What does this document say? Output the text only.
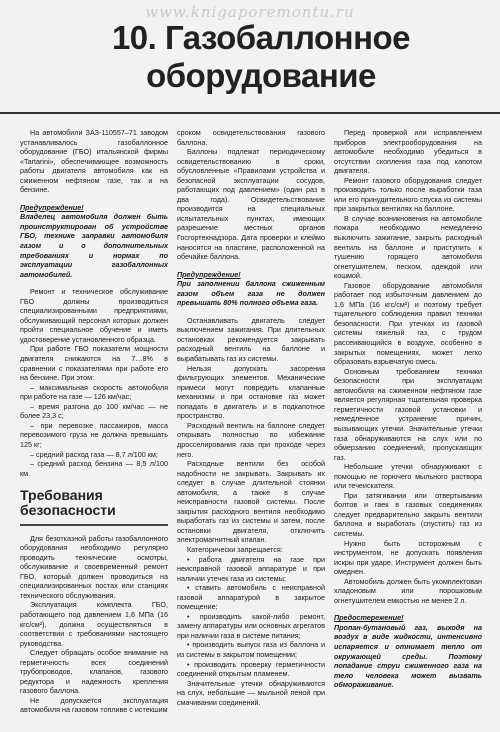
www.knigaporemontu.ru
10. Газобаллонное
оборудование

На автомобили ЗАЗ-110557–71 заводом устанавливалось газобаллонное оборудование (ГБО) итальянской фирмы «Tartarini», обеспечивающее возможность работы двигателя автомобиля как на сжиженном нефтяном газе, так и на бензине.

Предупреждение!

Владелец автомобиля должен быть проинструктирован об устройстве ГБО, технике заправки автомобиля газом и о дополнительных требованиях и нормах по эксплуатации газобаллонных автомобилей.

Ремонт и техническое обслуживание ГБО должны производиться специализированными предприятиями, обслуживающий персонал которых должен пройти специальное обучение и иметь удостоверение установленного образца.

При работе ГБО показатели мощности двигателя снижаются на 7…8% в сравнении с показателями при работе его на бензине. При этом:

– максимальная скорость автомобиля при работе на газе — 126 км/час;

– время разгона до 100 км/час — не более 23,3 с;

– при перевозке пассажиров, масса перевозимого груза не должна превышать 125 кг;

– средний расход газа — 8,7 л/100 км;

– средний расход бензина — 8,5 л/100 км.

Требования
безопасности

Для безотказной работы газобаллонного оборудования необходимо регулярно проводить технические осмотры, обслуживание и своевременный ремонт ГБО, который должен проводиться на специализированных постах или станциях технического обслуживания.

Эксплуатация комплекта ГБО, работающего под давлением 1,6 МПа (16 кгс/см²), должна осуществляться в соответствии с требованиями настоящего руководства.

Следует обращать особое внимание на герметичность всех соединений трубопроводов, клапанов, газового редуктора и надежность крепления газового баллона.

Не допускается эксплуатация автомобиля на газовом топливе с истекшим

сроком освидетельствования газового баллона.

Баллоны подлежат периодическому освидетельствованию в сроки, обусловленные «Правилами устройства и безопасной эксплуатации сосудов, работающих под давлением» (один раз в два года). Освидетельствование производится на специальных испытательных пунктах, имеющих разрешение местных органов Госгортехнадзора. Дата проверки и клеймо наносятся на пластине, расположенной на обечайке баллона.

Предупреждение!

При заполнении баллона сжиженным газом объем газа не должен превышать 80% полного объема газа.

Останавливать двигатель следует выключением зажигания. При длительных остановках рекомендуется закрывать расходный вентиль на баллоне и вырабатывать газ из системы.

Нельзя допускать засорения фильтрующих элементов. Механические примеси могут повредить клапанные механизмы и при остановке газ может попадать в двигатель и в подкапотное пространство.

Расходный вентиль на баллоне следует открывать полностью во избежание дросселирования газа при проходе через него.

Расходные вентили без особой надобности не закрывать. Закрывать их следует в случае длительной стоянки автомобиля, а также в случае неисправности газовой системы. После закрытия расходного вентиля необходимо выработать газ из системы и затем, после остановки двигателя, отключить электромагнитный клапан.

Категорически запрещается:

• работа двигателя на газе при неисправной газовой аппаратуре и при наличии утечек газа из системы;

• ставить автомобиль с неисправной газовой аппаратурой в закрытое помещение;

• производить какой-либо ремонт, замену аппаратуры или основных агрегатов при наличии газа в системе питания;

• производить выпуск газа из баллона и из системы в закрытом помещении;

• производить проверку герметичности соединений открытым пламенем.

Значительные утечки обнаруживаются на слух, небольшие — мыльной пеной при смачивании соединений.

Перед проверкой или исправлением приборов электрооборудования на автомобиле необходимо убедиться в отсутствии скопления газа под капотом двигателя.

Ремонт газового оборудования следует производить только после выработки газа или его принудительного спуска из системы при закрытых вентилях на баллоне.

В случае возникновения на автомобиле пожара необходимо немедленно выключить зажигание, закрыть расходный вентиль на баллоне и приступить к тушению горящего автомобиля огнетушителем, песком, одеждой или кошмой.

Газовое оборудование автомобиля работает под избыточным давлением до 1,6 МПа (16 кгс/см²) и поэтому требует тщательного соблюдения правил техники безопасности. При утечках из газовой системы тяжелый газ, с трудом рассеивающийся в воздухе, особенно в закрытых помещениях, может легко образовать взрывчатую смесь.

Основным требованием техники безопасности при эксплуатации автомобиля на сжиженном нефтяном газе является регулярная тщательная проверка герметичности газовой установки и немедленное устранение причин, вызывающих утечки. Значительные утечки газа обнаруживаются на слух или по обмерзанию соединений, пропускающих газ.

Небольшие утечки обнаруживают с помощью не горючего мыльного раствора или течеискателя.

При затягивании или отвертывании болтов и гаек в газовых соединениях следует предварительно закрыть вентили баллона и выработать (спустить) газ из системы.

Нужно быть осторожным с инструментом, не допускать появления искры при ударе. Инструмент должен быть омеднен.

Автомобиль должен быть укомплектован хладоновым или порошковым огнетушителем емкостью не менее 2 л.

Предостережение!

Пропан-бутановый газ, выходя на воздух в виде жидкости, интенсивно испаряется и отнимает тепло от окружающей среды. Поэтому попадание струи сжиженного газа на тело человека может вызвать обмораживание.
